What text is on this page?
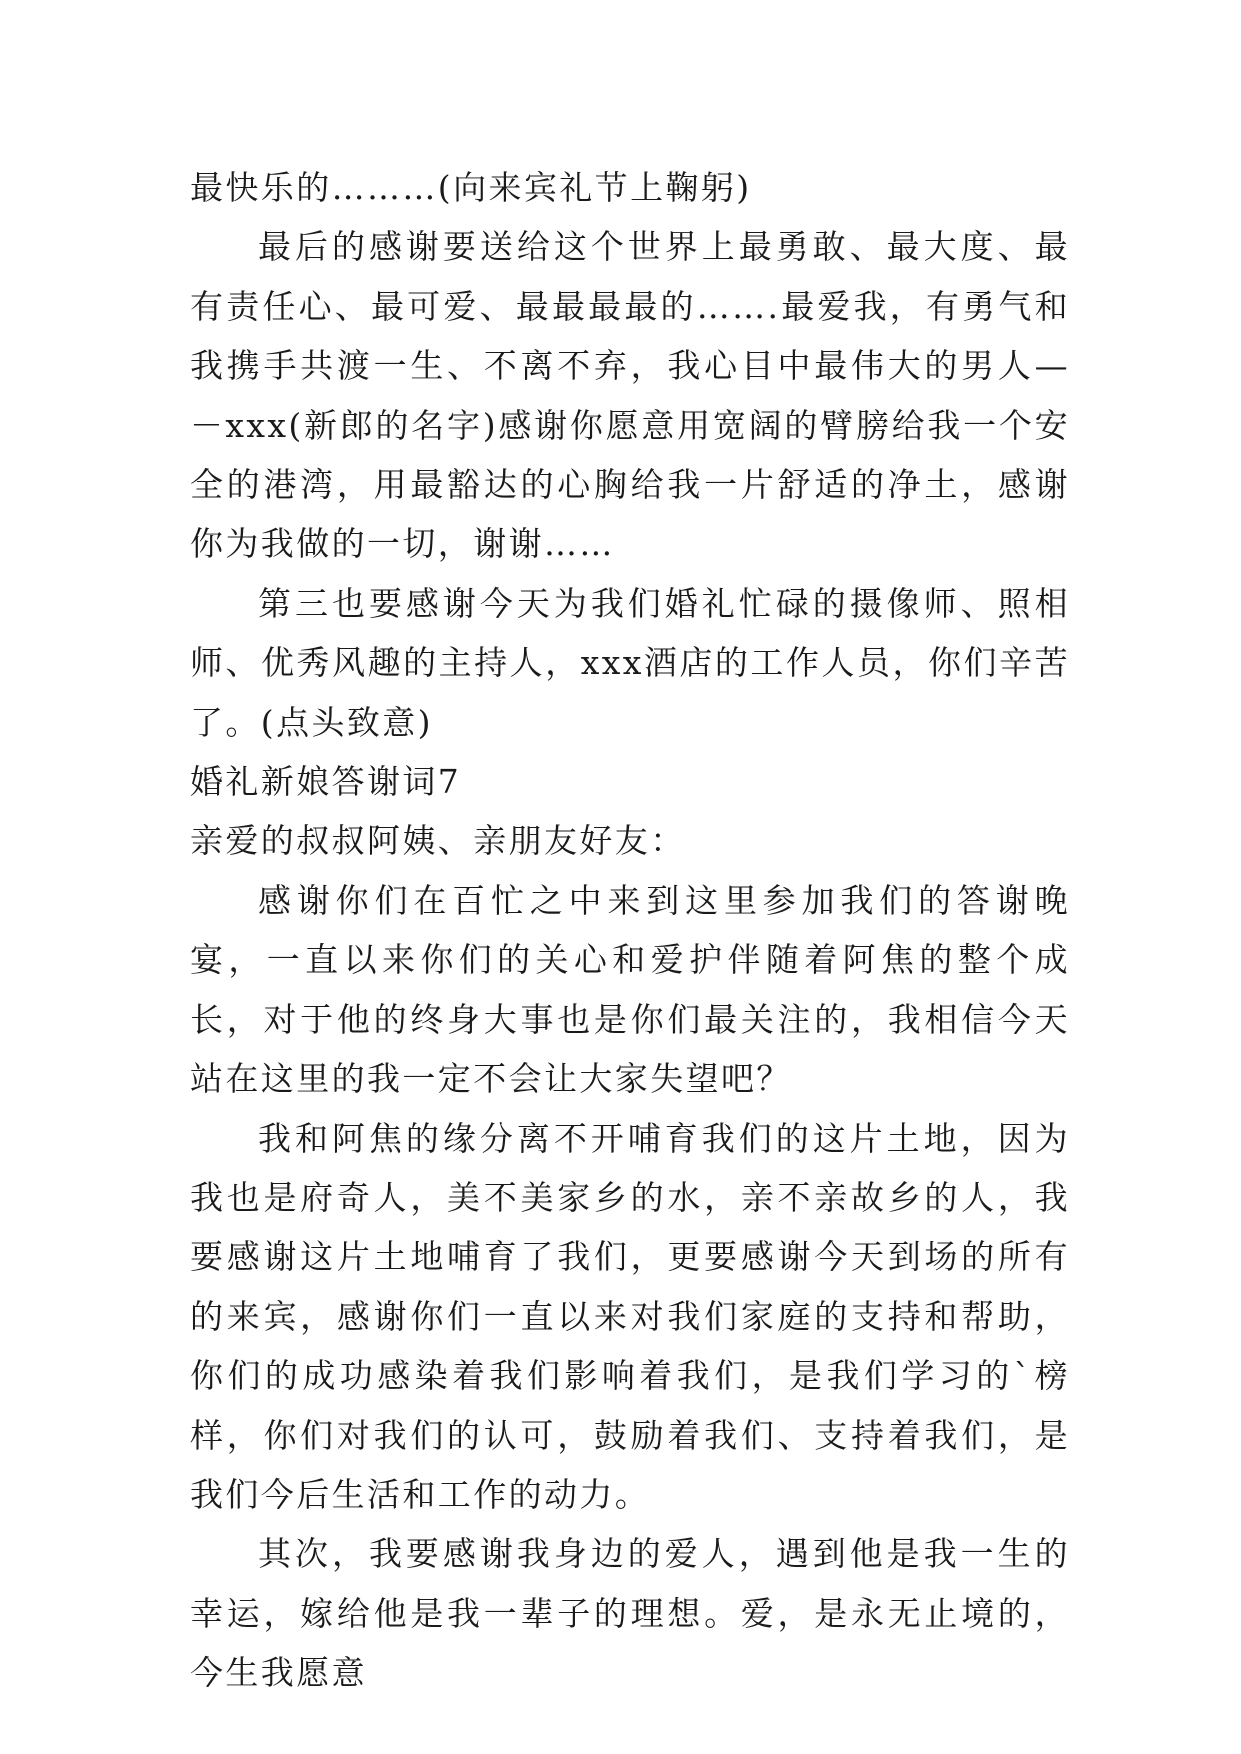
最快乐的………(向来宾礼节上鞠躬)

最后的感谢要送给这个世界上最勇敢、最大度、最有责任心、最可爱、最最最最的…….最爱我，有勇气和我携手共渡一生、不离不弃，我心目中最伟大的男人—－xxx(新郎的名字)感谢你愿意用宽阔的臂膀给我一个安全的港湾，用最豁达的心胸给我一片舒适的净土，感谢你为我做的一切，谢谢……

第三也要感谢今天为我们婚礼忙碌的摄像师、照相师、优秀风趣的主持人，xxx酒店的工作人员，你们辛苦了。(点头致意)

婚礼新娘答谢词7

亲爱的叔叔阿姨、亲朋友好友：

感谢你们在百忙之中来到这里参加我们的答谢晚宴，一直以来你们的关心和爱护伴随着阿焦的整个成长，对于他的终身大事也是你们最关注的，我相信今天站在这里的我一定不会让大家失望吧？

我和阿焦的缘分离不开哺育我们的这片土地，因为我也是府奇人，美不美家乡的水，亲不亲故乡的人，我要感谢这片土地哺育了我们，更要感谢今天到场的所有的来宾，感谢你们一直以来对我们家庭的支持和帮助，你们的成功感染着我们影响着我们，是我们学习的`榜样，你们对我们的认可，鼓励着我们、支持着我们，是我们今后生活和工作的动力。

其次，我要感谢我身边的爱人，遇到他是我一生的幸运，嫁给他是我一辈子的理想。爱，是永无止境的，今生我愿意
